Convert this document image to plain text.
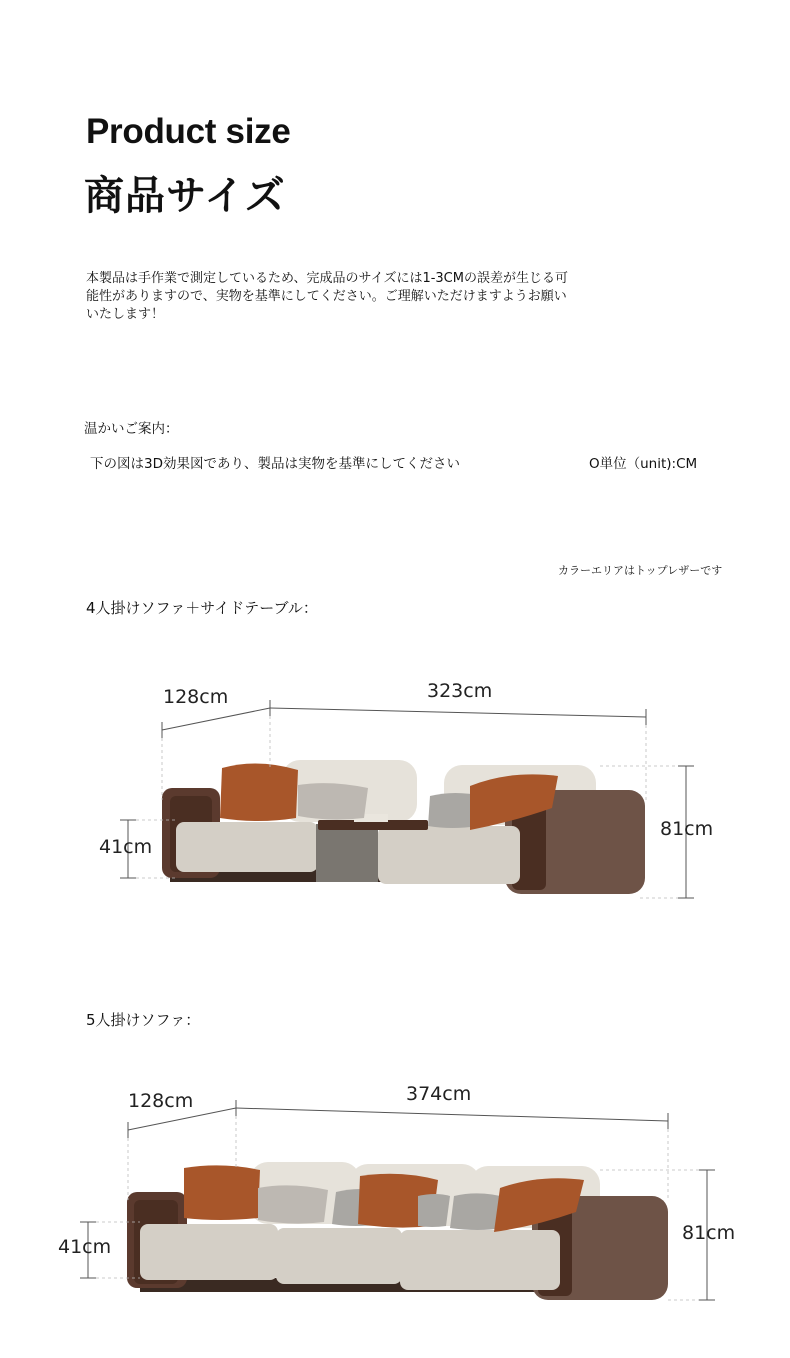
Product size
商品サイズ
本製品は手作業で測定しているため、完成品のサイズには1-3CMの誤差が生じる可能性がありますので、実物を基準にしてください。ご理解いただけますようお願いいたします！
温かいご案内：
下の図は3D効果図であり、製品は実物を基準にしてください	O単位（unit):CM
カラーエリアはトップレザーです
4人掛けソファ＋サイドテーブル：
128cm	323cm
41cm
81cm
5人掛けソファ：
128cm	374cm
41cm
81cm
